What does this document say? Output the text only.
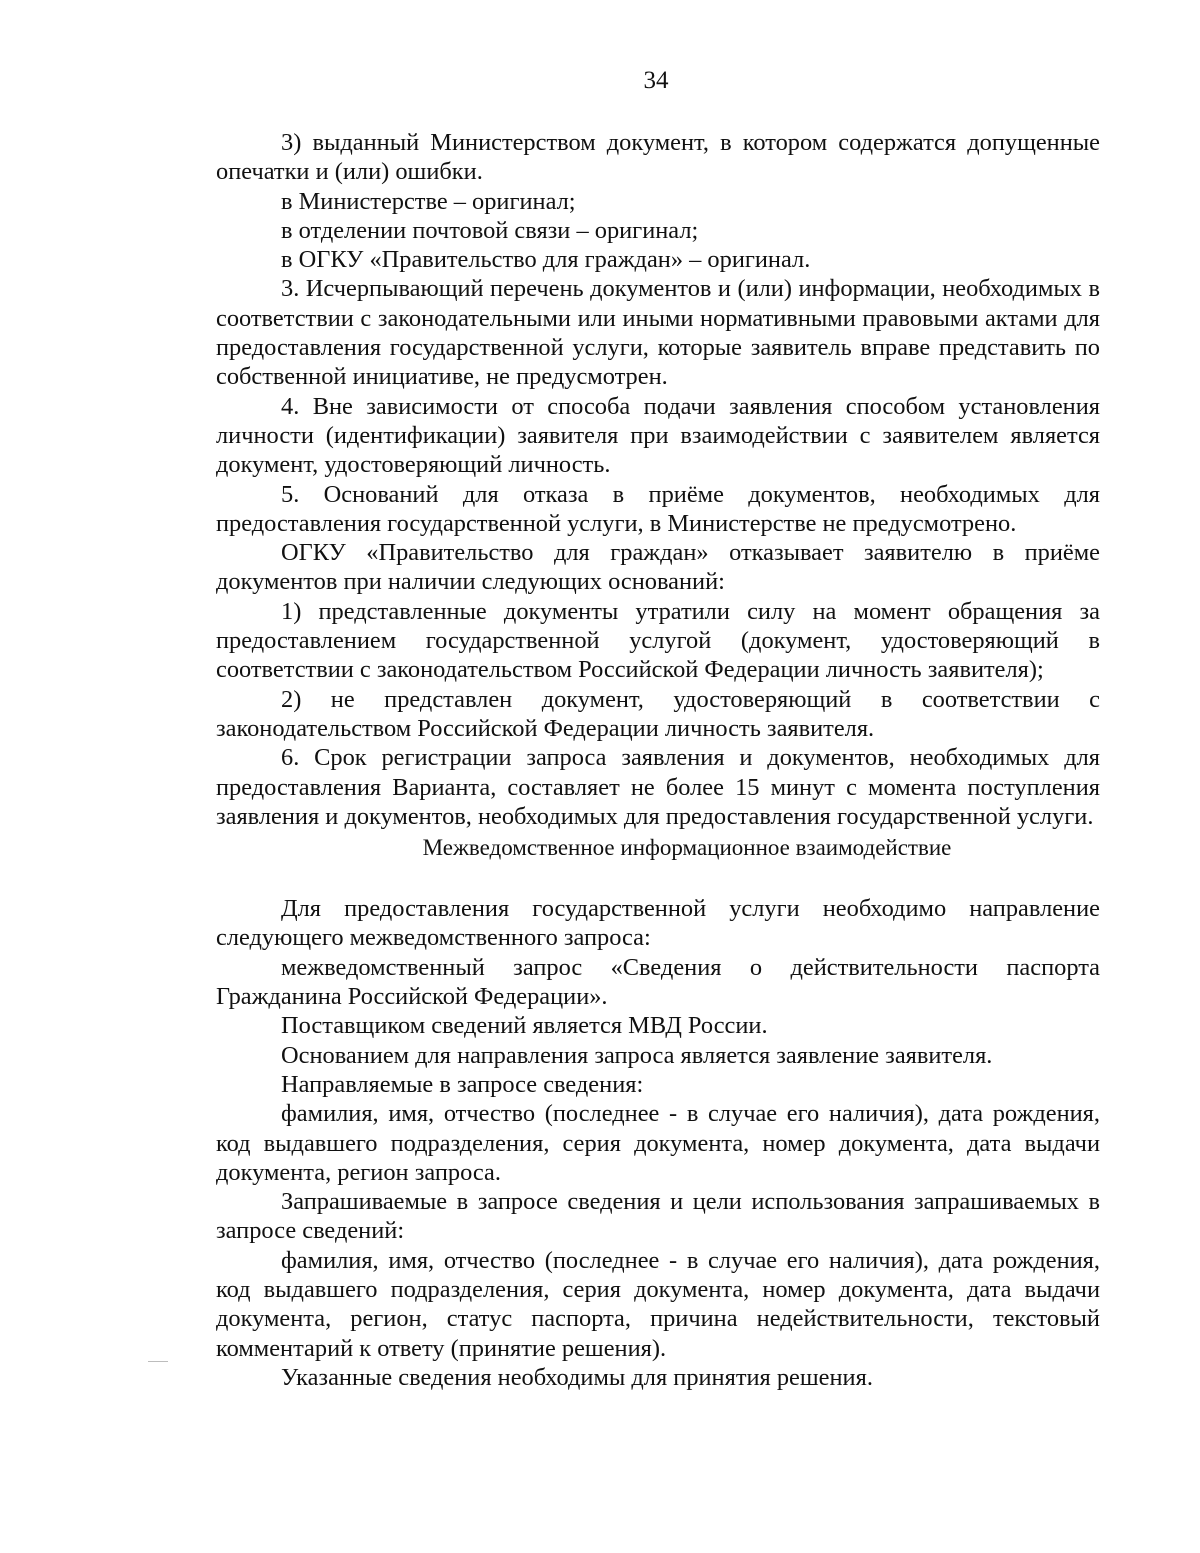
34

3) выданный Министерством документ, в котором содержатся допущенные опечатки и (или) ошибки.

в Министерстве – оригинал;

в отделении почтовой связи – оригинал;

в ОГКУ «Правительство для граждан» – оригинал.

3. Исчерпывающий перечень документов и (или) информации, необходимых в соответствии с законодательными или иными нормативными правовыми актами для предоставления государственной услуги, которые заявитель вправе представить по собственной инициативе, не предусмотрен.

4. Вне зависимости от способа подачи заявления способом установления личности (идентификации) заявителя при взаимодействии с заявителем является документ, удостоверяющий личность.

5. Оснований для отказа в приёме документов, необходимых для предоставления государственной услуги, в Министерстве не предусмотрено.

ОГКУ «Правительство для граждан» отказывает заявителю в приёме документов при наличии следующих оснований:

1) представленные документы утратили силу на момент обращения за предоставлением государственной услугой (документ, удостоверяющий в соответствии с законодательством Российской Федерации личность заявителя);

2) не представлен документ, удостоверяющий в соответствии с законодательством Российской Федерации личность заявителя.

6. Срок регистрации запроса заявления и документов, необходимых для предоставления Варианта, составляет не более 15 минут с момента поступления заявления и документов, необходимых для предоставления государственной услуги.

Межведомственное информационное взаимодействие

Для предоставления государственной услуги необходимо направление следующего межведомственного запроса:

межведомственный запрос «Сведения о действительности паспорта Гражданина Российской Федерации».

Поставщиком сведений является МВД России.

Основанием для направления запроса является заявление заявителя.

Направляемые в запросе сведения:

фамилия, имя, отчество (последнее - в случае его наличия), дата рождения, код выдавшего подразделения, серия документа, номер документа, дата выдачи документа, регион запроса.

Запрашиваемые в запросе сведения и цели использования запрашиваемых в запросе сведений:

фамилия, имя, отчество (последнее - в случае его наличия), дата рождения, код выдавшего подразделения, серия документа, номер документа, дата выдачи документа, регион, статус паспорта, причина недействительности, текстовый комментарий к ответу (принятие решения).

Указанные сведения необходимы для принятия решения.
